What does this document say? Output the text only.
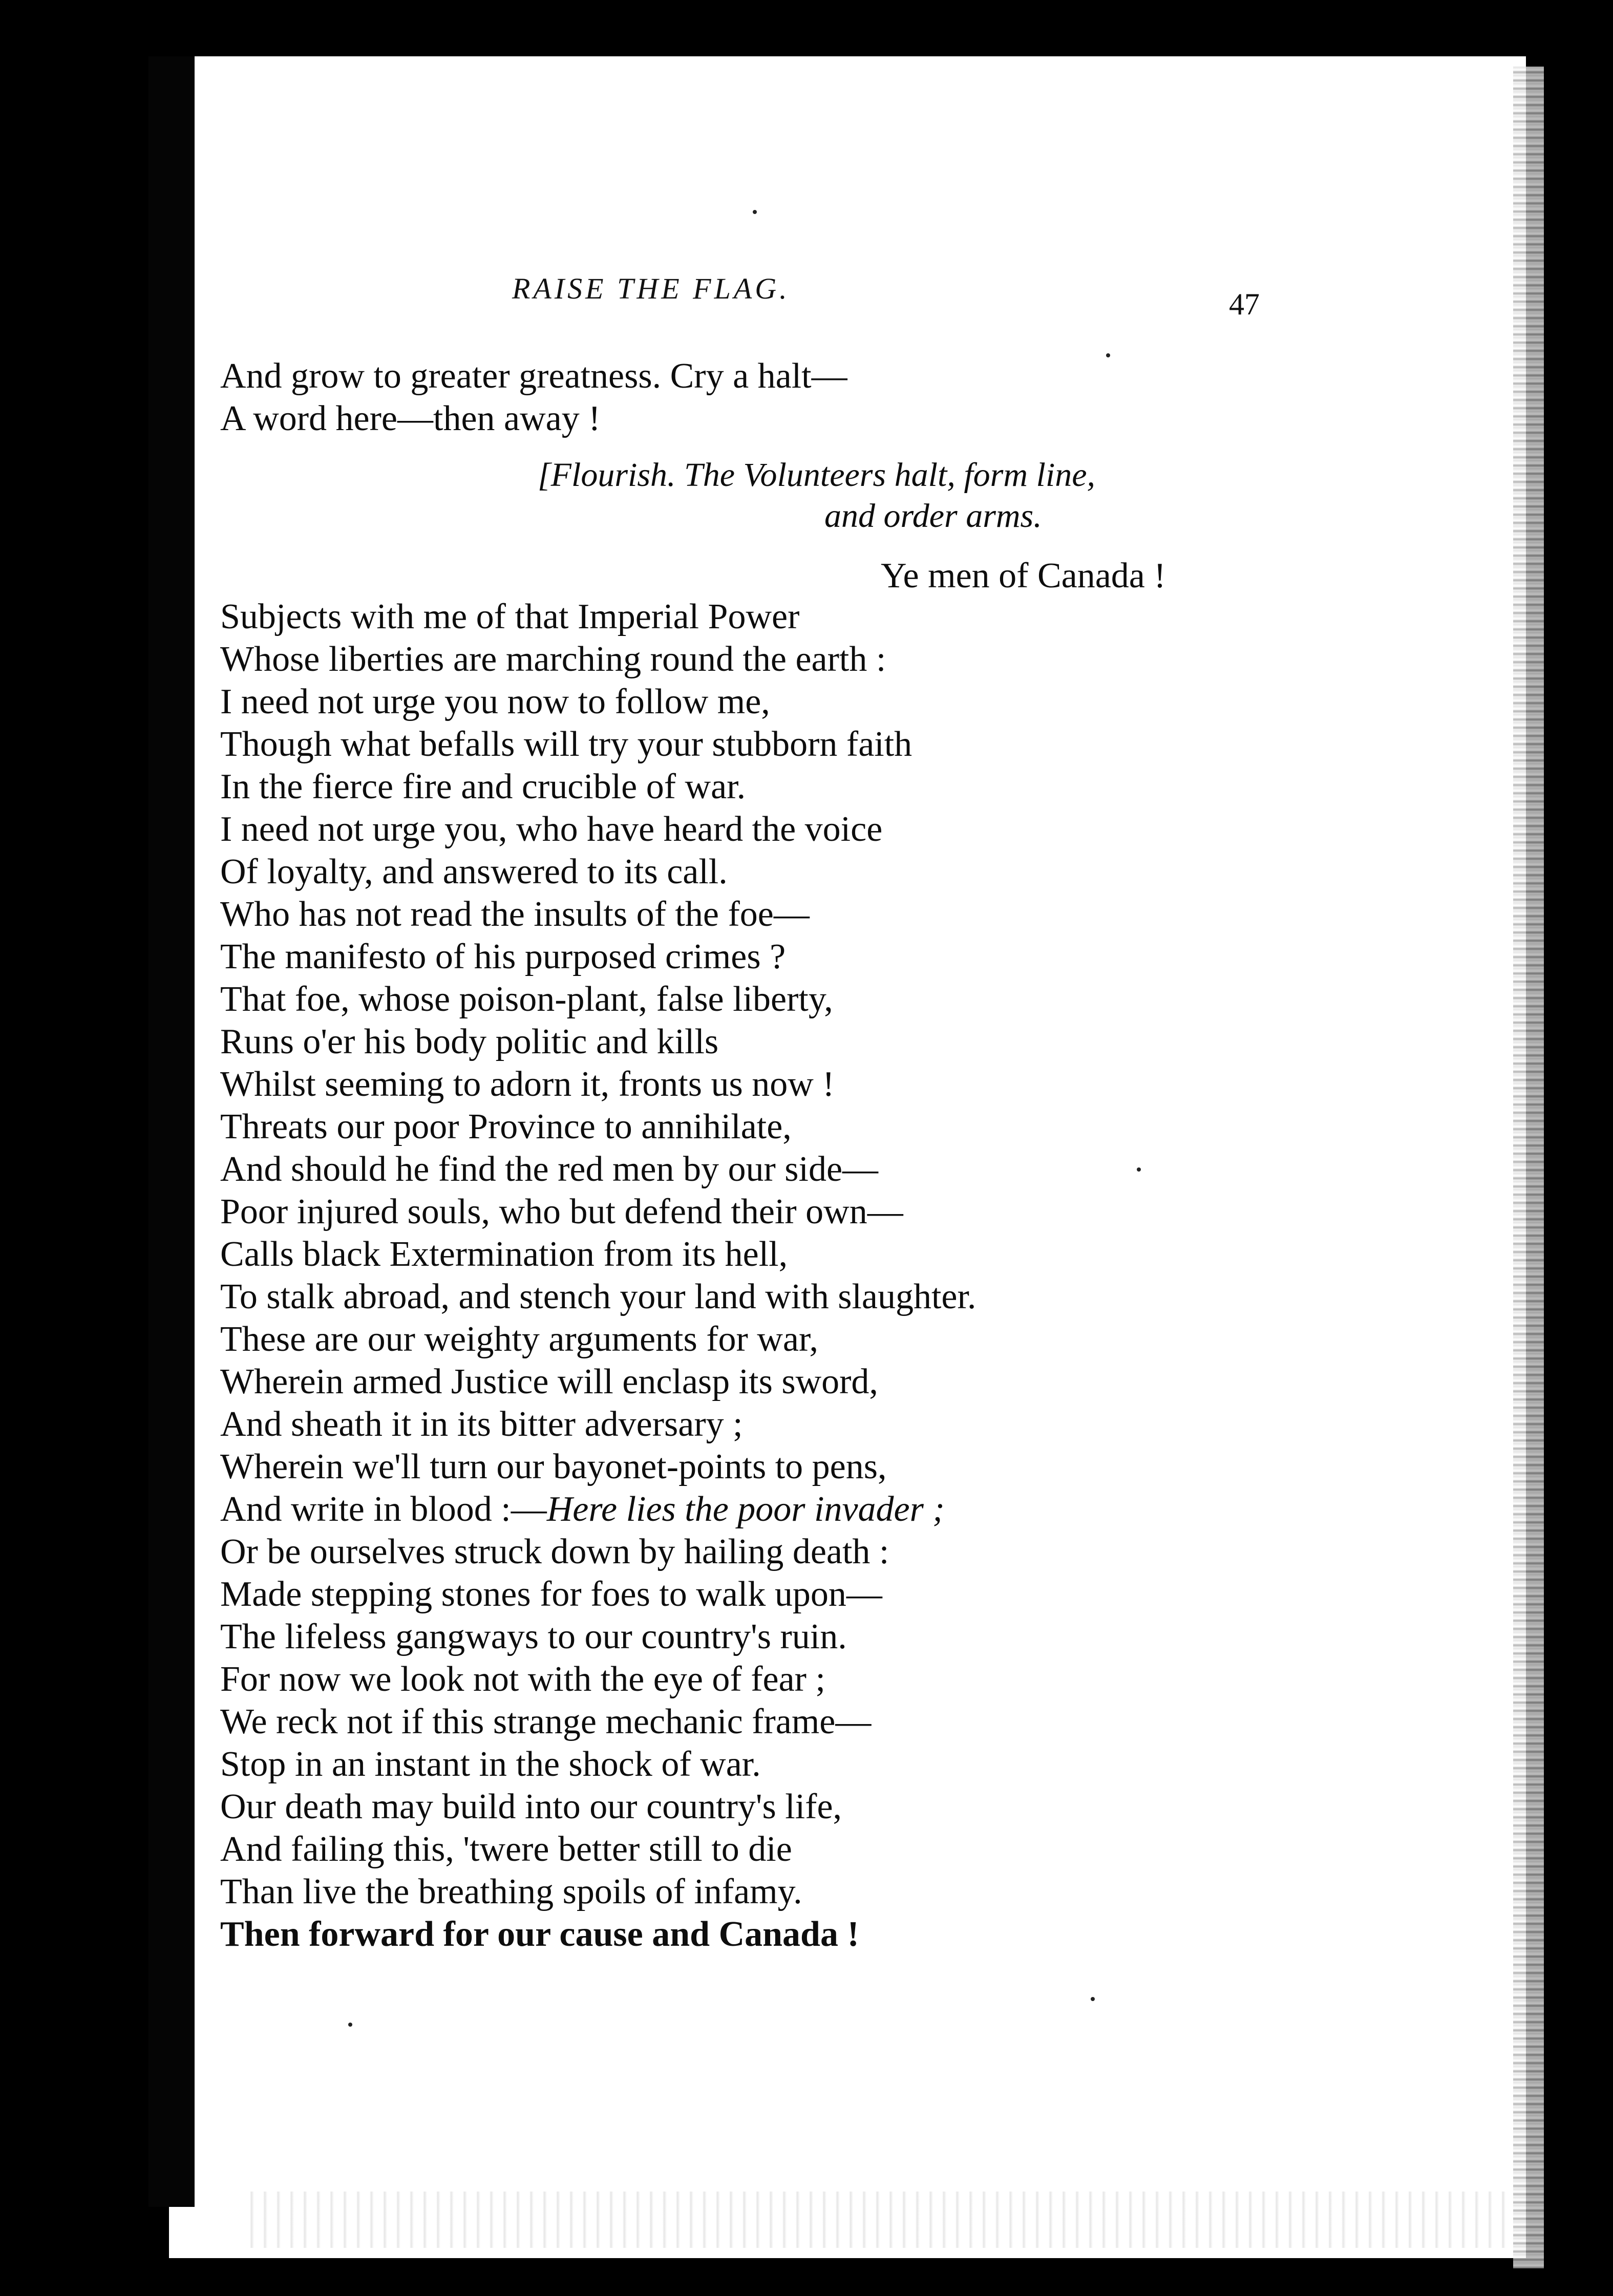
RAISE THE FLAG.	47
And grow to greater greatness. Cry a halt—
A word here—then away !
[Flourish. The Volunteers halt, form line,
and order arms.
Ye men of Canada !
Subjects with me of that Imperial Power
Whose liberties are marching round the earth :
I need not urge you now to follow me,
Though what befalls will try your stubborn faith
In the fierce fire and crucible of war.
I need not urge you, who have heard the voice
Of loyalty, and answered to its call.
Who has not read the insults of the foe—
The manifesto of his purposed crimes ?
That foe, whose poison-plant, false liberty,
Runs o'er his body politic and kills
Whilst seeming to adorn it, fronts us now !
Threats our poor Province to annihilate,
And should he find the red men by our side—
Poor injured souls, who but defend their own—
Calls black Extermination from its hell,
To stalk abroad, and stench your land with slaughter.
These are our weighty arguments for war,
Wherein armed Justice will enclasp its sword,
And sheath it in its bitter adversary ;
Wherein we'll turn our bayonet-points to pens,
And write in blood :—Here lies the poor invader ;
Or be ourselves struck down by hailing death :
Made stepping stones for foes to walk upon—
The lifeless gangways to our country's ruin.
For now we look not with the eye of fear ;
We reck not if this strange mechanic frame—
Stop in an instant in the shock of war.
Our death may build into our country's life,
And failing this, 'twere better still to die
Than live the breathing spoils of infamy.
Then forward for our cause and Canada !
